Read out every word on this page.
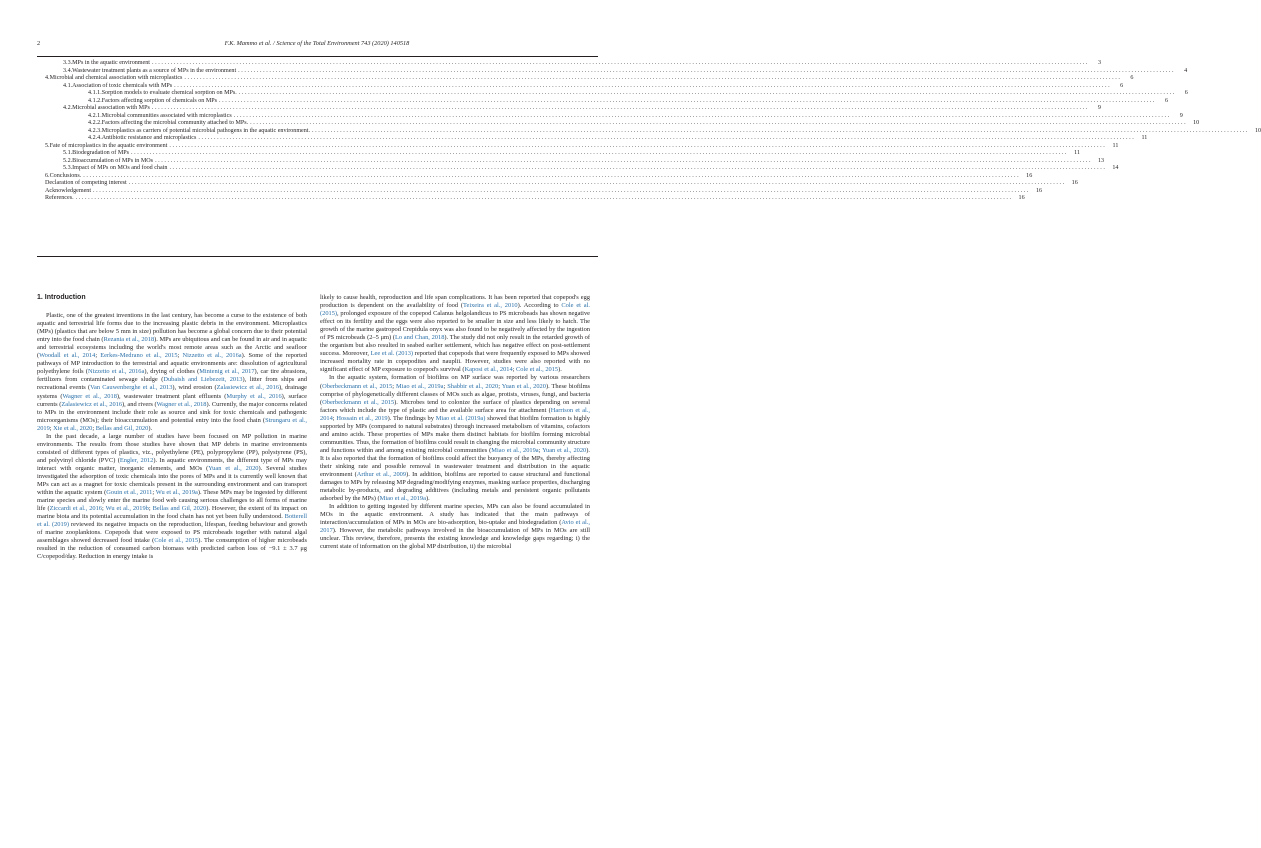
2	F.K. Mammo et al. / Science of the Total Environment 743 (2020) 140518
3.3. MPs in the aquatic environment ............................................................................................................................................................................................................................................................................................................	3
3.4. Wastewater treatment plants as a source of MPs in the environment ............................................................................................................................................................................................................................................................................................................	4
4. Microbial and chemical association with microplastics ............................................................................................................................................................................................................................................................................................................	6
4.1. Association of toxic chemicals with MPs ............................................................................................................................................................................................................................................................................................................	6
4.1.1. Sorption models to evaluate chemical sorption on MPs. ............................................................................................................................................................................................................................................................................................................	6
4.1.2. Factors affecting sorption of chemicals on MPs ............................................................................................................................................................................................................................................................................................................	6
4.2. Microbial association with MPs ............................................................................................................................................................................................................................................................................................................	9
4.2.1. Microbial communities associated with microplastics ............................................................................................................................................................................................................................................................................................................	9
4.2.2. Factors affecting the microbial community attached to MPs. ............................................................................................................................................................................................................................................................................................................ 10
4.2.3. Microplastics as carriers of potential microbial pathogens in the aquatic environment. ............................................................................................................................................................................................................................................................................................................ 10
4.2.4. Antibiotic resistance and microplastics ............................................................................................................................................................................................................................................................................................................	11
5. Fate of microplastics in the aquatic environment ............................................................................................................................................................................................................................................................................................................	11
5.1. Biodegradation of MPs ............................................................................................................................................................................................................................................................................................................	11
5.2. Bioaccumulation of MPs in MOs ............................................................................................................................................................................................................................................................................................................ 13
5.3. Impact of MPs on MOs and food chain ............................................................................................................................................................................................................................................................................................................ 14
6. Conclusions. ............................................................................................................................................................................................................................................................................................................ 16
Declaration of competing interest ............................................................................................................................................................................................................................................................................................................ 16
Acknowledgement ............................................................................................................................................................................................................................................................................................................ 16
References. ............................................................................................................................................................................................................................................................................................................ 16
1. Introduction

Plastic, one of the greatest inventions in the last century, has become a curse to the existence of both aquatic and terrestrial life forms due to the increasing plastic debris in the environment. Microplastics (MPs) (plastics that are below 5 mm in size) pollution has become a global concern due to their potential entry into the food chain (Rezania et al., 2018). MPs are ubiquitous and can be found in air and in aquatic and terrestrial ecosystems including the world's most remote areas such as the Arctic and seafloor (Woodall et al., 2014; Eerkes-Medrano et al., 2015; Nizzetto et al., 2016a). Some of the reported pathways of MP introduction to the terrestrial and aquatic environments are: dissolution of agricultural polyethylene foils (Nizzetto et al., 2016a), drying of clothes (Mintenig et al., 2017), car tire abrasions, fertilizers from contaminated sewage sludge (Dubaish and Liebezeit, 2013), litter from ships and recreational events (Van Cauwenberghe et al., 2013), wind erosion (Zalasiewicz et al., 2016), drainage systems (Wagner et al., 2018), wastewater treatment plant effluents (Murphy et al., 2016), surface currents (Zalasiewicz et al., 2016), and rivers (Wagner et al., 2018). Currently, the major concerns related to MPs in the environment include their role as source and sink for toxic chemicals and pathogenic microorganisms (MOs); their bioaccumulation and potential entry into the food chain (Strungaru et al., 2019; Xie et al., 2020; Bellas and Gil, 2020).

In the past decade, a large number of studies have been focused on MP pollution in marine environments. The results from those studies have shown that MP debris in marine environments consisted of different types of plastics, viz., polyethylene (PE), polypropylene (PP), polystyrene (PS), and polyvinyl chloride (PVC) (Engler, 2012). In aquatic environments, the different type of MPs may interact with organic matter, inorganic elements, and MOs (Yuan et al., 2020). Several studies investigated the adsorption of toxic chemicals into the pores of MPs and it is currently well known that MPs can act as a magnet for toxic chemicals present in the surrounding environment and can transport within the aquatic system (Gouin et al., 2011; Wu et al., 2019a). These MPs may be ingested by different marine species and slowly enter the marine food web causing serious challenges to all forms of marine life (Ziccardi et al., 2016; Wu et al., 2019b; Bellas and Gil, 2020). However, the extent of its impact on marine biota and its potential accumulation in the food chain has not yet been fully understood. Botterell et al. (2019) reviewed its negative impacts on the reproduction, lifespan, feeding behaviour and growth of marine zooplanktons. Copepods that were exposed to PS microbeads together with natural algal assemblages showed decreased food intake (Cole et al., 2015). The consumption of higher microbeads resulted in the reduction of consumed carbon biomass with predicted carbon loss of −9.1 ± 3.7 μg C/copepod/day. Reduction in energy intake is

likely to cause health, reproduction and life span complications. It has been reported that copepod's egg production is dependent on the availability of food (Teixeira et al., 2010). According to Cole et al. (2015), prolonged exposure of the copepod Calanus helgolandicus to PS microbeads has shown negative effect on its fertility and the eggs were also reported to be smaller in size and less likely to hatch. The growth of the marine gastropod Crepidula onyx was also found to be negatively affected by the ingestion of PS microbeads (2–5 μm) (Lo and Chan, 2018). The study did not only result in the retarded growth of the organism but also resulted in seabed earlier settlement, which has negative effect on post-settlement success. Moreover, Lee et al. (2013) reported that copepods that were frequently exposed to MPs showed increased mortality rate in copepodites and nauplii. However, studies were also reported with no significant effect of MP exposure to copepod's survival (Kaposi et al., 2014; Cole et al., 2015).

In the aquatic system, formation of biofilms on MP surface was reported by various researchers (Oberbeckmann et al., 2015; Miao et al., 2019a; Shabbir et al., 2020; Yuan et al., 2020). These biofilms comprise of phylogenetically different classes of MOs such as algae, protists, viruses, fungi, and bacteria (Oberbeckmann et al., 2015). Microbes tend to colonize the surface of plastics depending on several factors which include the type of plastic and the available surface area for attachment (Harrison et al., 2014; Hossain et al., 2019). The findings by Miao et al. (2019a) showed that biofilm formation is highly supported by MPs (compared to natural substrates) through increased metabolism of vitamins, cofactors and amino acids. These properties of MPs make them distinct habitats for biofilm forming microbial communities. Thus, the formation of biofilms could result in changing the microbial community structure and functions within and among existing microbial communities (Miao et al., 2019a; Yuan et al., 2020). It is also reported that the formation of biofilms could affect the buoyancy of the MPs, thereby affecting their sinking rate and possible removal in wastewater treatment and distribution in the aquatic environment (Arthur et al., 2009). In addition, biofilms are reported to cause structural and functional damages to MPs by releasing MP degrading/modifying enzymes, masking surface properties, discharging metabolic by-products, and degrading additives (including metals and persistent organic pollutants adsorbed by the MPs) (Miao et al., 2019a).

In addition to getting ingested by different marine species, MPs can also be found accumulated in MOs in the aquatic environment. A study has indicated that the main pathways of interaction/accumulation of MPs in MOs are bio-adsorption, bio-uptake and biodegradation (Avio et al., 2017). However, the metabolic pathways involved in the bioaccumulation of MPs in MOs are still unclear. This review, therefore, presents the existing knowledge and knowledge gaps regarding; i) the current state of information on the global MP distribution, ii) the microbial
